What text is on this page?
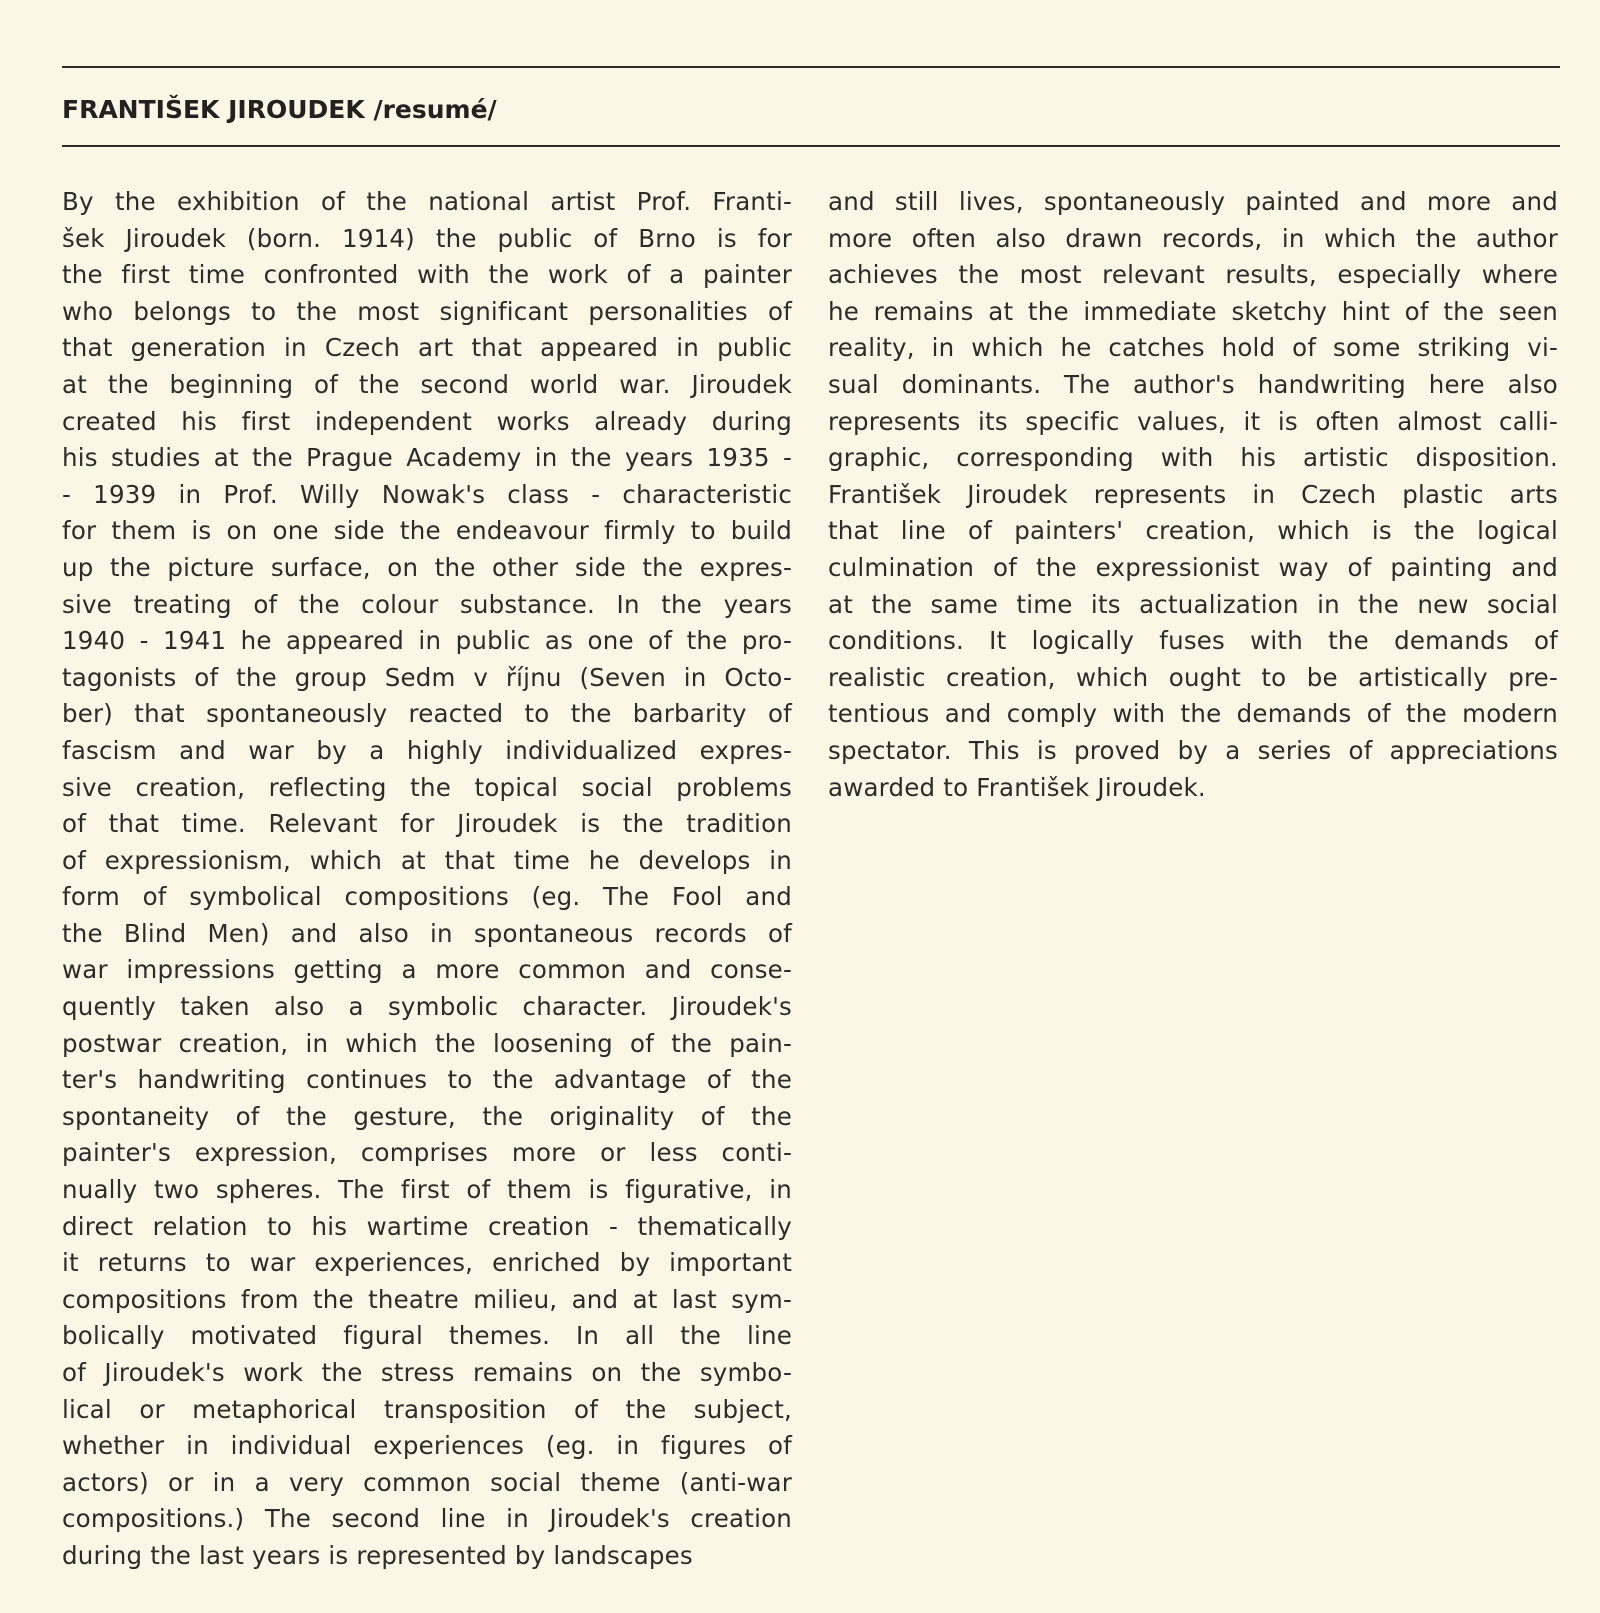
FRANTIŠEK JIROUDEK /resumé/
By the exhibition of the national artist Prof. Franti-
šek Jiroudek (born. 1914) the public of Brno is for
the first time confronted with the work of a painter
who belongs to the most significant personalities of
that generation in Czech art that appeared in public
at the beginning of the second world war. Jiroudek
created his first independent works already during
his studies at the Prague Academy in the years 1935 -
- 1939 in Prof. Willy Nowak's class - characteristic
for them is on one side the endeavour firmly to build
up the picture surface, on the other side the expres-
sive treating of the colour substance. In the years
1940 - 1941 he appeared in public as one of the pro-
tagonists of the group Sedm v říjnu (Seven in Octo-
ber) that spontaneously reacted to the barbarity of
fascism and war by a highly individualized expres-
sive creation, reflecting the topical social problems
of that time. Relevant for Jiroudek is the tradition
of expressionism, which at that time he develops in
form of symbolical compositions (eg. The Fool and
the Blind Men) and also in spontaneous records of
war impressions getting a more common and conse-
quently taken also a symbolic character. Jiroudek's
postwar creation, in which the loosening of the pain-
ter's handwriting continues to the advantage of the
spontaneity of the gesture, the originality of the
painter's expression, comprises more or less conti-
nually two spheres. The first of them is figurative, in
direct relation to his wartime creation - thematically
it returns to war experiences, enriched by important
compositions from the theatre milieu, and at last sym-
bolically motivated figural themes. In all the line
of Jiroudek's work the stress remains on the symbo-
lical or metaphorical transposition of the subject,
whether in individual experiences (eg. in figures of
actors) or in a very common social theme (anti-war
compositions.) The second line in Jiroudek's creation
during the last years is represented by landscapes
and still lives, spontaneously painted and more and
more often also drawn records, in which the author
achieves the most relevant results, especially where
he remains at the immediate sketchy hint of the seen
reality, in which he catches hold of some striking vi-
sual dominants. The author's handwriting here also
represents its specific values, it is often almost calli-
graphic, corresponding with his artistic disposition.
František Jiroudek represents in Czech plastic arts
that line of painters' creation, which is the logical
culmination of the expressionist way of painting and
at the same time its actualization in the new social
conditions. It logically fuses with the demands of
realistic creation, which ought to be artistically pre-
tentious and comply with the demands of the modern
spectator. This is proved by a series of appreciations
awarded to František Jiroudek.
